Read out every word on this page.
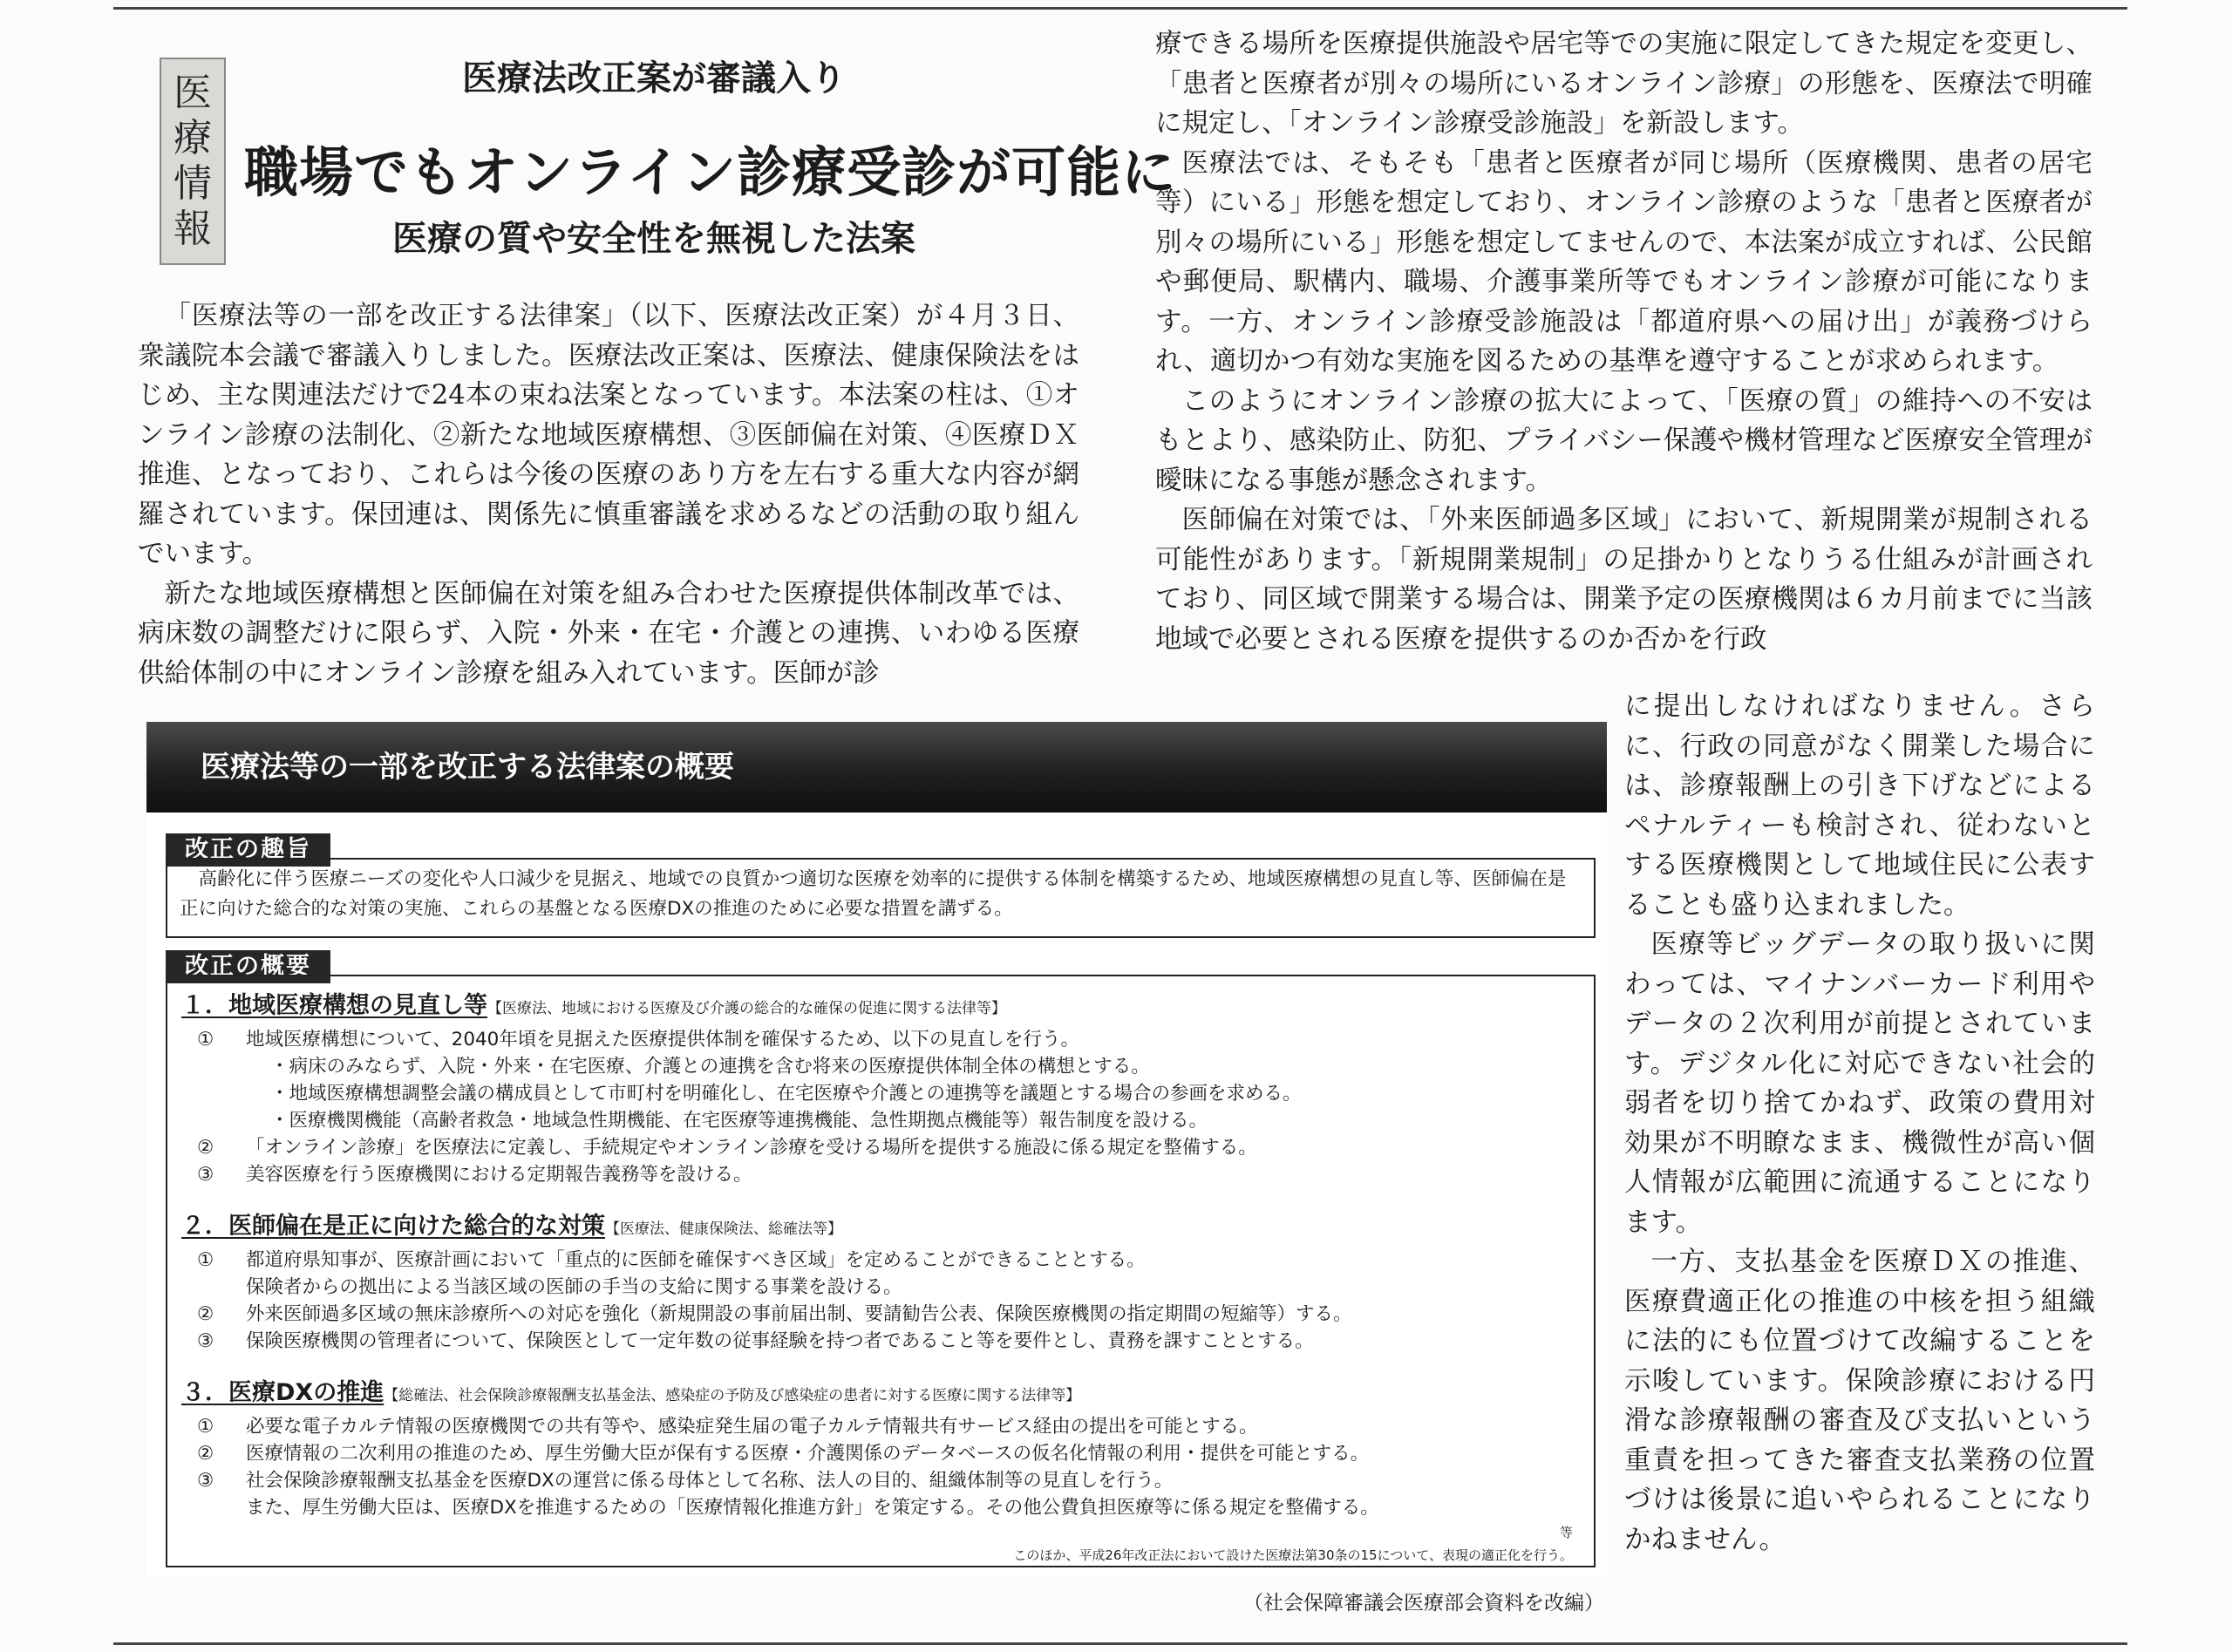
医
療
情
報
医療法改正案が審議入り
職場でもオンライン診療受診が可能に
医療の質や安全性を無視した法案

「医療法等の一部を改正する法律案」（以下、医療法改正案）が４月３日、衆議院本会議で審議入りしました。医療法改正案は、医療法、健康保険法をはじめ、主な関連法だけで24本の束ね法案となっています。本法案の柱は、①オンライン診療の法制化、②新たな地域医療構想、③医師偏在対策、④医療ＤＸ推進、となっており、これらは今後の医療のあり方を左右する重大な内容が網羅されています。保団連は、関係先に慎重審議を求めるなどの活動の取り組んでいます。

新たな地域医療構想と医師偏在対策を組み合わせた医療提供体制改革では、病床数の調整だけに限らず、入院・外来・在宅・介護との連携、いわゆる医療供給体制の中にオンライン診療を組み入れています。医師が診

療できる場所を医療提供施設や居宅等での実施に限定してきた規定を変更し、「患者と医療者が別々の場所にいるオンライン診療」の形態を、医療法で明確に規定し、「オンライン診療受診施設」を新設します。

医療法では、そもそも「患者と医療者が同じ場所（医療機関、患者の居宅等）にいる」形態を想定しており、オンライン診療のような「患者と医療者が別々の場所にいる」形態を想定してませんので、本法案が成立すれば、公民館や郵便局、駅構内、職場、介護事業所等でもオンライン診療が可能になります。一方、オンライン診療受診施設は「都道府県への届け出」が義務づけられ、適切かつ有効な実施を図るための基準を遵守することが求められます。

このようにオンライン診療の拡大によって、「医療の質」の維持への不安はもとより、感染防止、防犯、プライバシー保護や機材管理など医療安全管理が曖昧になる事態が懸念されます。

医師偏在対策では、「外来医師過多区域」において、新規開業が規制される可能性があります。「新規開業規制」の足掛かりとなりうる仕組みが計画されており、同区域で開業する場合は、開業予定の医療機関は６カ月前までに当該地域で必要とされる医療を提供するのか否かを行政

に提出しなければなりません。さらに、行政の同意がなく開業した場合には、診療報酬上の引き下げなどによるペナルティーも検討され、従わないとする医療機関として地域住民に公表することも盛り込まれました。

医療等ビッグデータの取り扱いに関わっては、マイナンバーカード利用やデータの２次利用が前提とされています。デジタル化に対応できない社会的弱者を切り捨てかねず、政策の費用対効果が不明瞭なまま、機微性が高い個人情報が広範囲に流通することになります。

一方、支払基金を医療ＤＸの推進、医療費適正化の推進の中核を担う組織に法的にも位置づけて改編することを示唆しています。保険診療における円滑な診療報酬の審査及び支払いという重責を担ってきた審査支払業務の位置づけは後景に追いやられることになりかねません。

医療法等の一部を改正する法律案の概要
改正の趣旨

高齢化に伴う医療ニーズの変化や人口減少を見据え、地域での良質かつ適切な医療を効率的に提供する体制を構築するため、地域医療構想の見直し等、医師偏在是正に向けた総合的な対策の実施、これらの基盤となる医療DXの推進のために必要な措置を講ずる。

改正の概要
１．地域医療構想の見直し等【医療法、地域における医療及び介護の総合的な確保の促進に関する法律等】
①	地域医療構想について、2040年頃を見据えた医療提供体制を確保するため、以下の見直しを行う。
・病床のみならず、入院・外来・在宅医療、介護との連携を含む将来の医療提供体制全体の構想とする。
・地域医療構想調整会議の構成員として市町村を明確化し、在宅医療や介護との連携等を議題とする場合の参画を求める。
・医療機関機能（高齢者救急・地域急性期機能、在宅医療等連携機能、急性期拠点機能等）報告制度を設ける。
②	「オンライン診療」を医療法に定義し、手続規定やオンライン診療を受ける場所を提供する施設に係る規定を整備する。
③	美容医療を行う医療機関における定期報告義務等を設ける。
２．医師偏在是正に向けた総合的な対策【医療法、健康保険法、総確法等】
①	都道府県知事が、医療計画において「重点的に医師を確保すべき区域」を定めることができることとする。
保険者からの拠出による当該区域の医師の手当の支給に関する事業を設ける。
②	外来医師過多区域の無床診療所への対応を強化（新規開設の事前届出制、要請勧告公表、保険医療機関の指定期間の短縮等）する。
③	保険医療機関の管理者について、保険医として一定年数の従事経験を持つ者であること等を要件とし、責務を課すこととする。
３．医療DXの推進【総確法、社会保険診療報酬支払基金法、感染症の予防及び感染症の患者に対する医療に関する法律等】
①	必要な電子カルテ情報の医療機関での共有等や、感染症発生届の電子カルテ情報共有サービス経由の提出を可能とする。
②	医療情報の二次利用の推進のため、厚生労働大臣が保有する医療・介護関係のデータベースの仮名化情報の利用・提供を可能とする。
③	社会保険診療報酬支払基金を医療DXの運営に係る母体として名称、法人の目的、組織体制等の見直しを行う。
また、厚生労働大臣は、医療DXを推進するための「医療情報化推進方針」を策定する。その他公費負担医療等に係る規定を整備する。
等
このほか、平成26年改正法において設けた医療法第30条の15について、表現の適正化を行う。
（社会保障審議会医療部会資料を改編）
